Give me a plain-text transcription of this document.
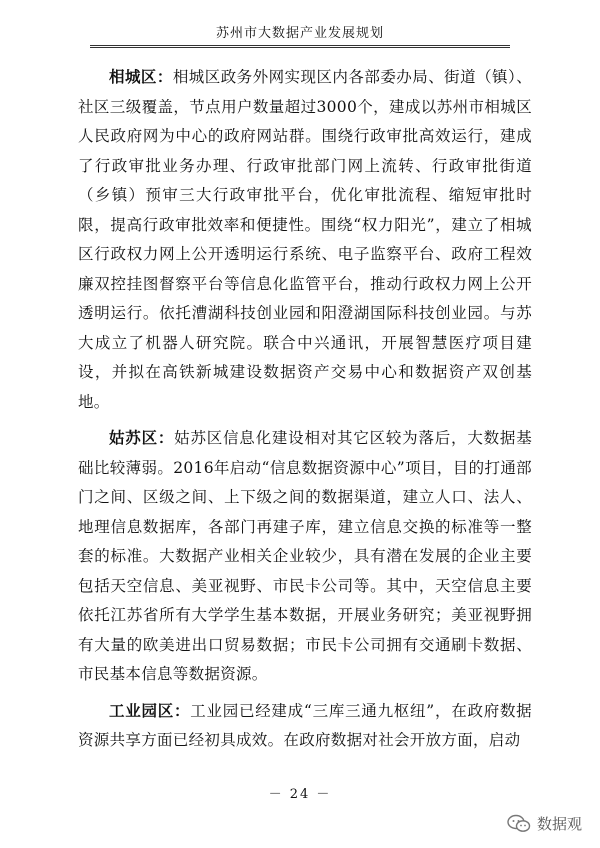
苏州市大数据产业发展规划

相城区：相城区政务外网实现区内各部委办局、街道（镇）、社区三级覆盖，节点用户数量超过3000个，建成以苏州市相城区人民政府网为中心的政府网站群。围绕行政审批高效运行，建成了行政审批业务办理、行政审批部门网上流转、行政审批街道（乡镇）预审三大行政审批平台，优化审批流程、缩短审批时限，提高行政审批效率和便捷性。围绕“权力阳光”，建立了相城区行政权力网上公开透明运行系统、电子监察平台、政府工程效廉双控挂图督察平台等信息化监管平台，推动行政权力网上公开透明运行。依托漕湖科技创业园和阳澄湖国际科技创业园。与苏大成立了机器人研究院。联合中兴通讯，开展智慧医疗项目建设，并拟在高铁新城建设数据资产交易中心和数据资产双创基地。

姑苏区：姑苏区信息化建设相对其它区较为落后，大数据基础比较薄弱。2016年启动“信息数据资源中心”项目，目的打通部门之间、区级之间、上下级之间的数据渠道，建立人口、法人、地理信息数据库，各部门再建子库，建立信息交换的标准等一整套的标准。大数据产业相关企业较少，具有潜在发展的企业主要包括天空信息、美亚视野、市民卡公司等。其中，天空信息主要依托江苏省所有大学学生基本数据，开展业务研究；美亚视野拥有大量的欧美进出口贸易数据；市民卡公司拥有交通刷卡数据、市民基本信息等数据资源。

工业园区：工业园已经建成“三库三通九枢纽”，在政府数据资源共享方面已经初具成效。在政府数据对社会开放方面，启动

－ 24 －
数据观
